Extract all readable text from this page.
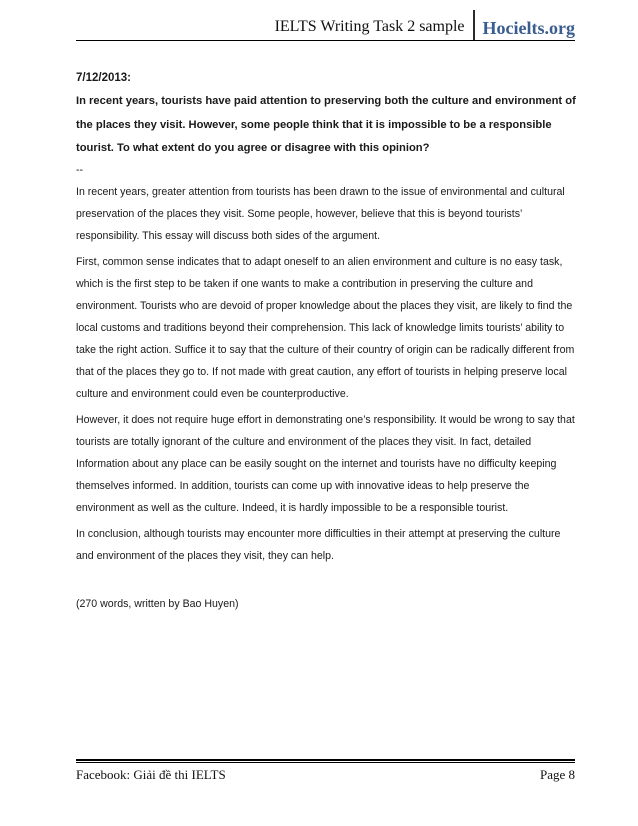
IELTS Writing Task 2 sample	Hocielts.org

7/12/2013:

In recent years, tourists have paid attention to preserving both the culture and environment of the places they visit. However, some people think that it is impossible to be a responsible tourist. To what extent do you agree or disagree with this opinion?

--

In recent years, greater attention from tourists has been drawn to the issue of environmental and cultural preservation of the places they visit. Some people, however, believe that this is beyond tourists’ responsibility. This essay will discuss both sides of the argument.

First, common sense indicates that to adapt oneself to an alien environment and culture is no easy task, which is the first step to be taken if one wants to make a contribution in preserving the culture and environment. Tourists who are devoid of proper knowledge about the places they visit, are likely to find the local customs and traditions beyond their comprehension. This lack of knowledge limits tourists’ ability to take the right action. Suffice it to say that the culture of their country of origin can be radically different from that of the places they go to. If not made with great caution, any effort of tourists in helping preserve local culture and environment could even be counterproductive.

However, it does not require huge effort in demonstrating one’s responsibility. It would be wrong to say that tourists are totally ignorant of the culture and environment of the places they visit. In fact, detailed Information about any place can be easily sought on the internet and tourists have no difficulty keeping themselves informed. In addition, tourists can come up with innovative ideas to help preserve the environment as well as the culture. Indeed, it is hardly impossible to be a responsible tourist.

In conclusion, although tourists may encounter more difficulties in their attempt at preserving the culture and environment of the places they visit, they can help.

(270 words, written by Bao Huyen)

Facebook: Giải đề thi IELTS	Page 8
